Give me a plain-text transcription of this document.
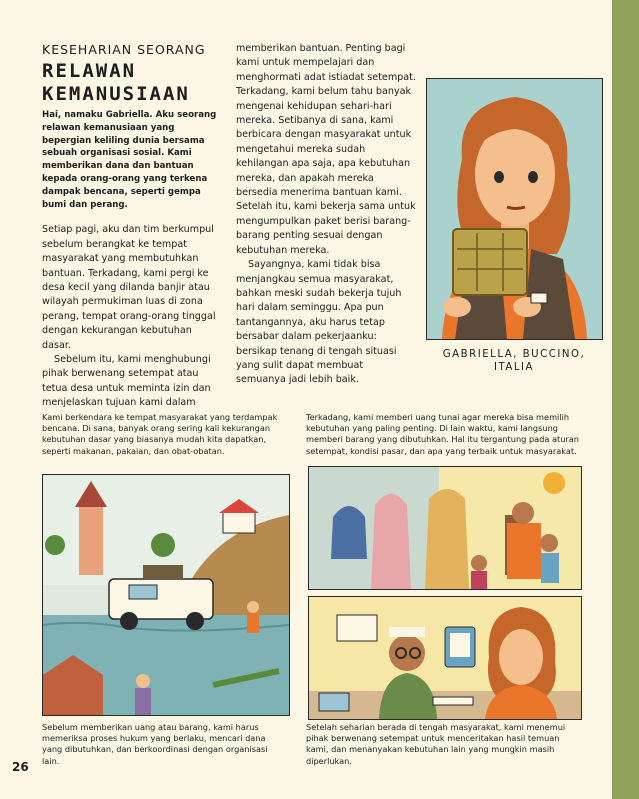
KESEHARIAN SEORANG

RELAWAN

KEMANUSIAAN

Hai, namaku Gabriella. Aku seorang relawan kemanusiaan yang bepergian keliling dunia bersama sebuah organisasi sosial. Kami memberikan dana dan bantuan kepada orang-orang yang terkena dampak bencana, seperti gempa bumi dan perang.

Setiap pagi, aku dan tim berkumpul sebelum berangkat ke tempat masyarakat yang membutuhkan bantuan. Terkadang, kami pergi ke desa kecil yang dilanda banjir atau wilayah permukiman luas di zona perang, tempat orang-orang tinggal dengan kekurangan kebutuhan dasar.

Sebelum itu, kami menghubungi pihak berwenang setempat atau tetua desa untuk meminta izin dan menjelaskan tujuan kami dalam

memberikan bantuan. Penting bagi kami untuk mempelajari dan menghormati adat istiadat setempat. Terkadang, kami belum tahu banyak mengenai kehidupan sehari-hari mereka. Setibanya di sana, kami berbicara dengan masyarakat untuk mengetahui mereka sudah kehilangan apa saja, apa kebutuhan mereka, dan apakah mereka bersedia menerima bantuan kami. Setelah itu, kami bekerja sama untuk mengumpulkan paket berisi barang-barang penting sesuai dengan kebutuhan mereka.

Sayangnya, kami tidak bisa menjangkau semua masyarakat, bahkan meski sudah bekerja tujuh hari dalam seminggu. Apa pun tantangannya, aku harus tetap bersabar dalam pekerjaanku: bersikap tenang di tengah situasi yang sulit dapat membuat semuanya jadi lebih baik.

GABRIELLA, BUCCINO,
ITALIA

Kami berkendara ke tempat masyarakat yang terdampak bencana. Di sana, banyak orang sering kali kekurangan kebutuhan dasar yang biasanya mudah kita dapatkan, seperti makanan, pakaian, dan obat-obatan.

Terkadang, kami memberi uang tunai agar mereka bisa memilih kebutuhan yang paling penting. Di lain waktu, kami langsung memberi barang yang dibutuhkan. Hal itu tergantung pada aturan setempat, kondisi pasar, dan apa yang terbaik untuk masyarakat.

Sebelum memberikan uang atau barang, kami harus memeriksa proses hukum yang berlaku, mencari dana yang dibutuhkan, dan berkoordinasi dengan organisasi lain.

Setelah seharian berada di tengah masyarakat, kami menemui pihak berwenang setempat untuk menceritakan hasil temuan kami, dan menanyakan kebutuhan lain yang mungkin masih diperlukan.

26
